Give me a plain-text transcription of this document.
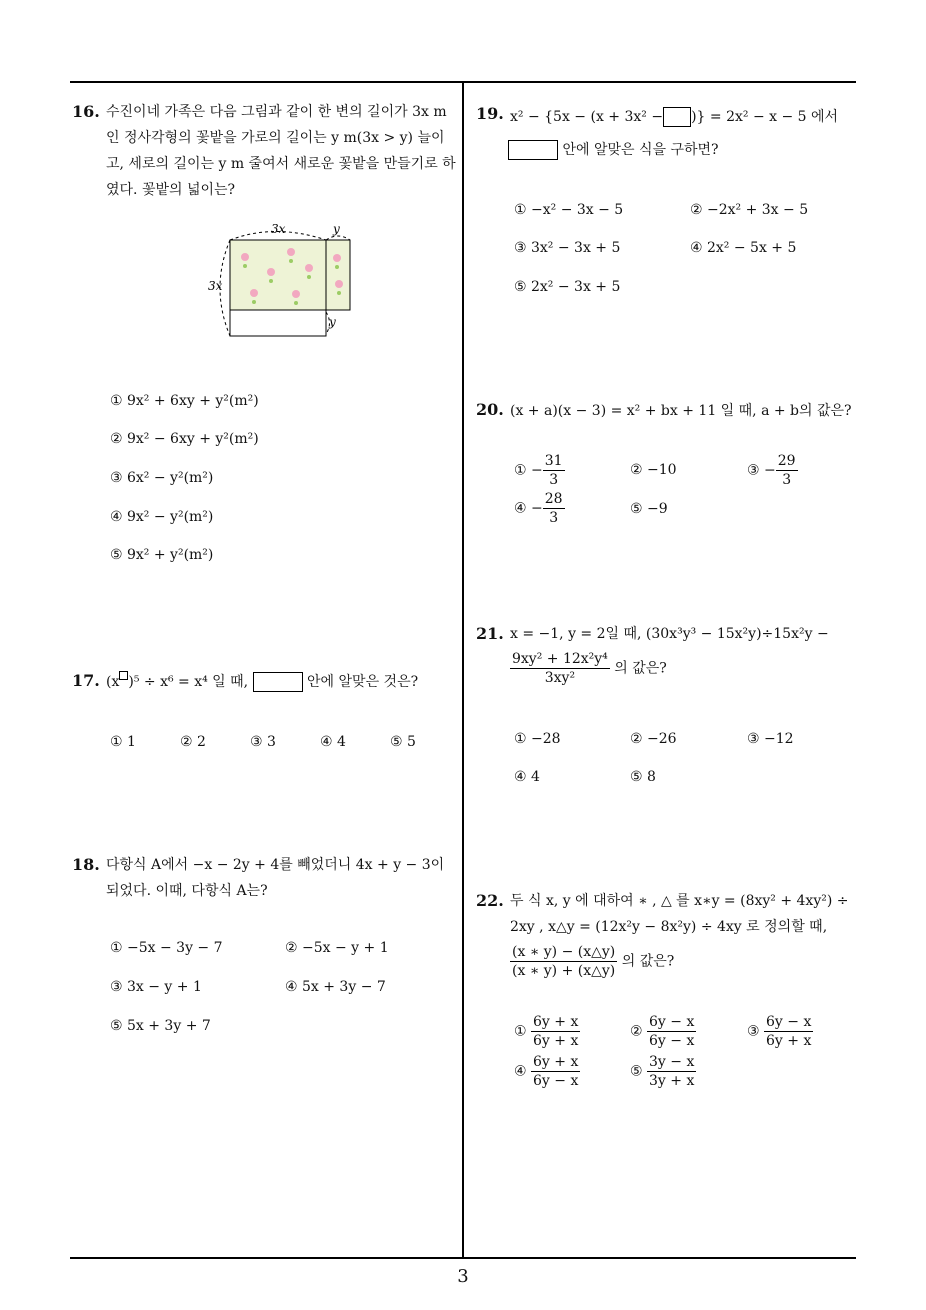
16. 수진이네 가족은 다음 그림과 같이 한 변의 길이가 3x m 인 정사각형의 꽃밭을 가로의 길이는 y m(3x > y) 늘이고, 세로의 길이는 y m 줄여서 새로운 꽃밭을 만들기로 하였다. 꽃밭의 넓이는?
3x	y
3x
y
① 9x² + 6xy + y²(m²)
② 9x² − 6xy + y²(m²)
③ 6x² − y²(m²)
④ 9x² − y²(m²)
⑤ 9x² + y²(m²)
17. (x )⁵ ÷ x⁶ = x⁴ 일 때,	안에 알맞은 것은?
① 1	② 2	③ 3	④ 4	⑤ 5
18. 다항식 A에서 −x − 2y + 4를 빼었더니 4x + y − 3이 되었다. 이때, 다항식 A는?
① −5x − 3y − 7	② −5x − y + 1
③ 3x − y + 1	④ 5x + 3y − 7
⑤ 5x + 3y + 7
19. x² − {5x − (x + 3x² − )} = 2x² − x − 5 에서
안에 알맞은 식을 구하면?
① −x² − 3x − 5	② −2x² + 3x − 5
③ 3x² − 3x + 5	④ 2x² − 5x + 5
⑤ 2x² − 3x + 5
20. (x + a)(x − 3) = x² + bx + 11 일 때, a + b의 값은?
① − $\frac{31}{3}$	② −10	③ − $\frac{29}{3}$
④ − $\frac{28}{3}$	⑤ −9
21. x = −1, y = 2일 때, (30x³y³ − 15x²y)÷15x²y −
$\frac{\text{9xy² + 12x²y⁴}}{\text{3xy²}}$ 의 값은?
① −28	② −26	③ −12
④ 4	⑤ 8
22. 두 식 x, y 에 대하여 ∗ , △ 를 x∗y = (8xy² + 4xy²) ÷
2xy , x△y = (12x²y − 8x²y) ÷ 4xy 로 정의할 때,
$\frac{(x ∗ y) - (x\triangle y)}{(x ∗ y) + (x\triangle y)}$ 의 값은?
① $\frac{6y + x}{6y + x}$	② $\frac{6y - x}{6y - x}$	③ $\frac{6y - x}{6y + x}$
④ $\frac{6y + x}{6y - x}$	⑤ $\frac{3y - x}{3y + x}$
3
